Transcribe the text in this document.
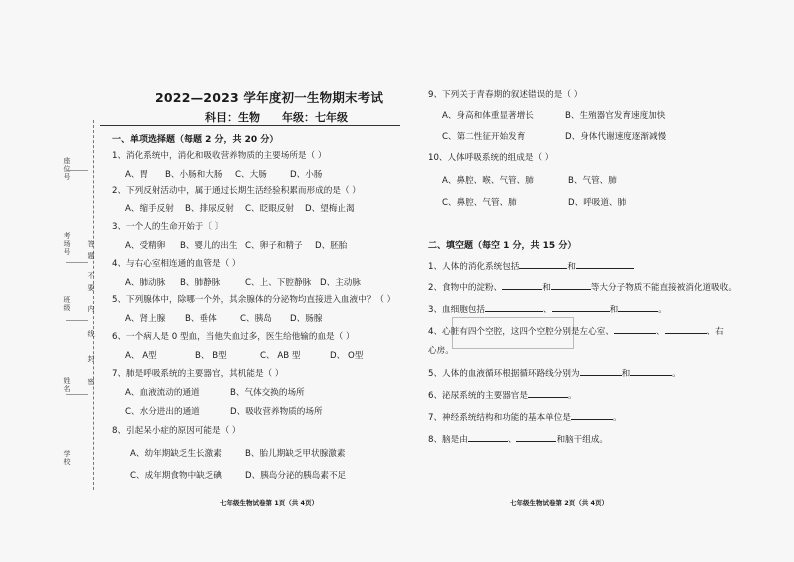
座位号
考场号
班级
姓名
学校
答
题
不
要
内
线
封
密
2022—2023 学年度初一生物期末考试
科目：生物 年级：七年级
一、单项选择题（每题 2 分，共 20 分）
1、消化系统中，消化和吸收营养物质的主要场所是（ ）
A、胃 B、小肠和大肠 C、大肠	D、小肠
2、下列反射活动中，属于通过长期生活经验积累而形成的是（ ）
A、缩手反射 B、排尿反射 C、眨眼反射 D、望梅止渴
3、一个人的生命开始于〔 〕
A、受精卵 B、婴儿的出生 C、卵子和精子 D、胚胎
4、与右心室相连通的血管是（ ）
A、肺动脉 B、肺静脉	C、上、下腔静脉 D、主动脉
5、下列腺体中，除哪一个外，其余腺体的分泌物均直接进入血液中？（ ）
A、肾上腺 B、垂体	C、胰岛 D、肠腺
6、一个病人是 0 型血，当他失血过多，医生给他输的血是（ ）
A、 A型	B、 B型	C、 AB 型	D、 O型
7、肺是呼吸系统的主要器官，其机能是（ ）
A、血液流动的通道	B、气体交换的场所
C、水分进出的通道	D、吸收营养物质的场所
8、引起呆小症的原因可能是（ ）
A、幼年期缺乏生长激素	B、胎儿期缺乏甲状腺激素
C、成年期食物中缺乏碘	D、胰岛分泌的胰岛素不足
七年级生物试卷第 1页（共 4页）
9、下列关于青春期的叙述错误的是（ ）
A、身高和体重显著增长	B、生殖器官发育速度加快
C、第二性征开始发育	D、身体代谢速度逐渐减慢
10、人体呼吸系统的组成是（ ）
A、鼻腔、喉、气管、肺	B、气管、肺
C、鼻腔、气管、肺	D、呼吸道、肺
二、填空题（每空 1 分，共 15 分）
1、人体的消化系统包括	和
2、食物中的淀粉、	和	等大分子物质不能直接被消化道吸收。
3、血细胞包括	、	和	。
4、心脏有四个空腔，这四个空腔分别是左心室、	、	、右
心房。
5、人体的血液循环根据循环路线分别为	和	。
6、泌尿系统的主要器官是	。
7、神经系统结构和功能的基本单位是	。
8、脑是由	、	和脑干组成。
七年级生物试卷第 2页（共 4页）
